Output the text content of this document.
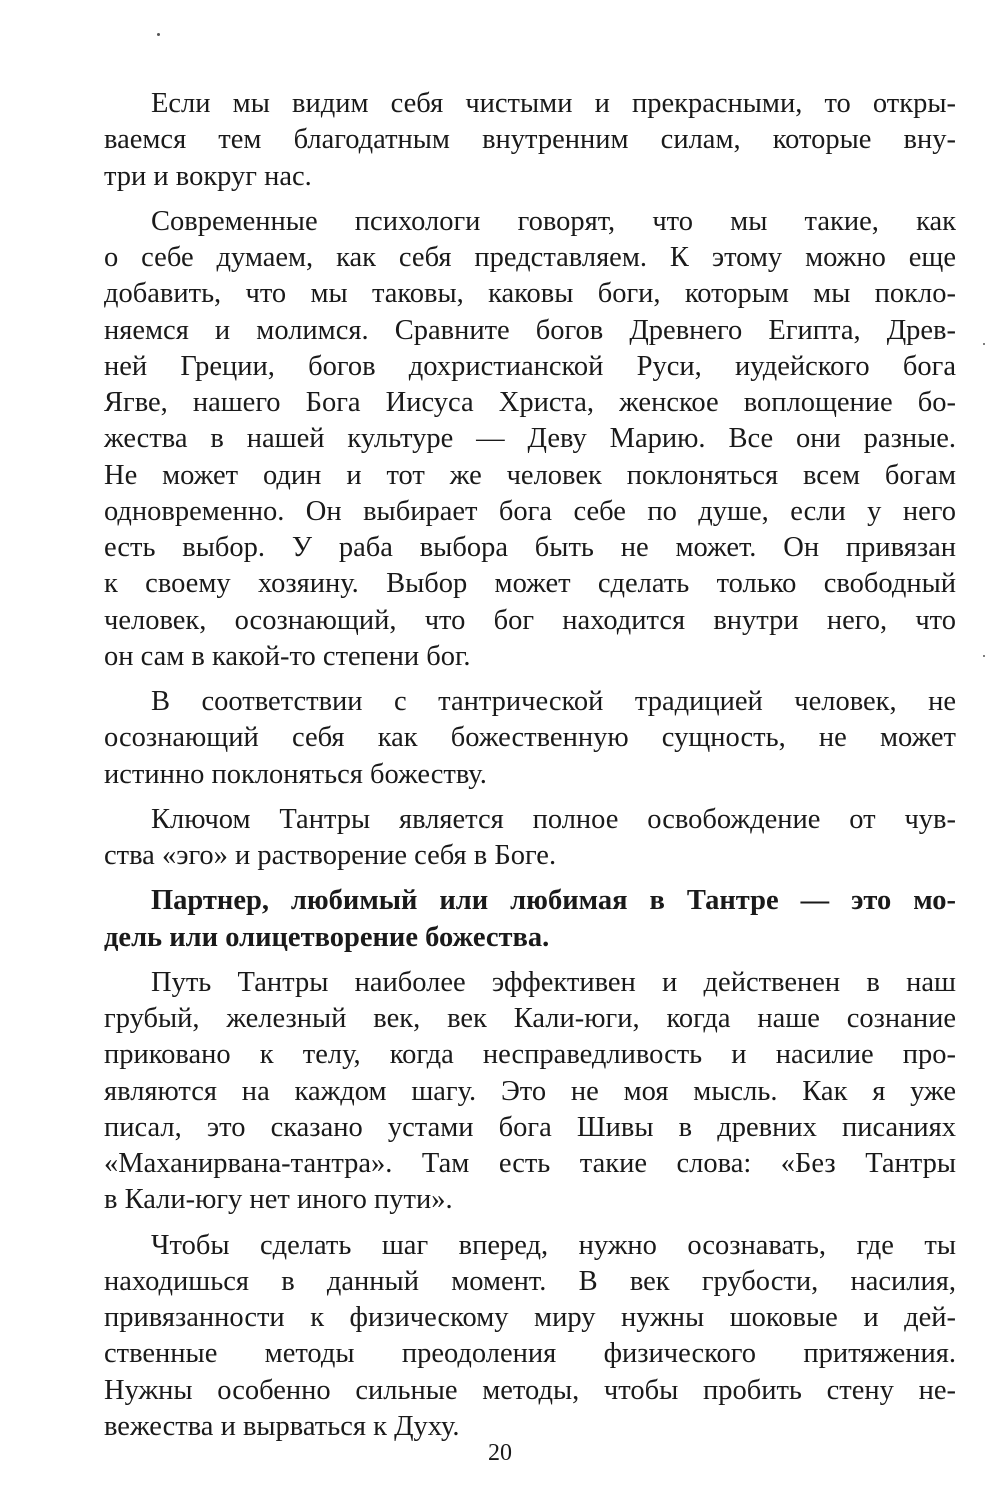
Если мы видим себя чистыми и прекрасными, то откры-
ваемся тем благодатным внутренним силам, которые вну-
три и вокруг нас.

Современные психологи говорят, что мы такие, как
о себе думаем, как себя представляем. К этому можно еще
добавить, что мы таковы, каковы боги, которым мы покло-
няемся и молимся. Сравните богов Древнего Египта, Древ-
ней Греции, богов дохристианской Руси, иудейского бога
Ягве, нашего Бога Иисуса Христа, женское воплощение бо-
жества в нашей культуре — Деву Марию. Все они разные.
Не может один и тот же человек поклоняться всем богам
одновременно. Он выбирает бога себе по душе, если у него
есть выбор. У раба выбора быть не может. Он привязан
к своему хозяину. Выбор может сделать только свободный
человек, осознающий, что бог находится внутри него, что
он сам в какой-то степени бог.

В соответствии с тантрической традицией человек, не
осознающий себя как божественную сущность, не может
истинно поклоняться божеству.

Ключом Тантры является полное освобождение от чув-
ства «эго» и растворение себя в Боге.

Партнер, любимый или любимая в Тантре — это мо-
дель или олицетворение божества.

Путь Тантры наиболее эффективен и действенен в наш
грубый, железный век, век Кали-юги, когда наше сознание
приковано к телу, когда несправедливость и насилие про-
являются на каждом шагу. Это не моя мысль. Как я уже
писал, это сказано устами бога Шивы в древних писаниях
«Маханирвана-тантра». Там есть такие слова: «Без Тантры
в Кали-югу нет иного пути».

Чтобы сделать шаг вперед, нужно осознавать, где ты
находишься в данный момент. В век грубости, насилия,
привязанности к физическому миру нужны шоковые и дей-
ственные методы преодоления физического притяжения.
Нужны особенно сильные методы, чтобы пробить стену не-
вежества и вырваться к Духу.

20
